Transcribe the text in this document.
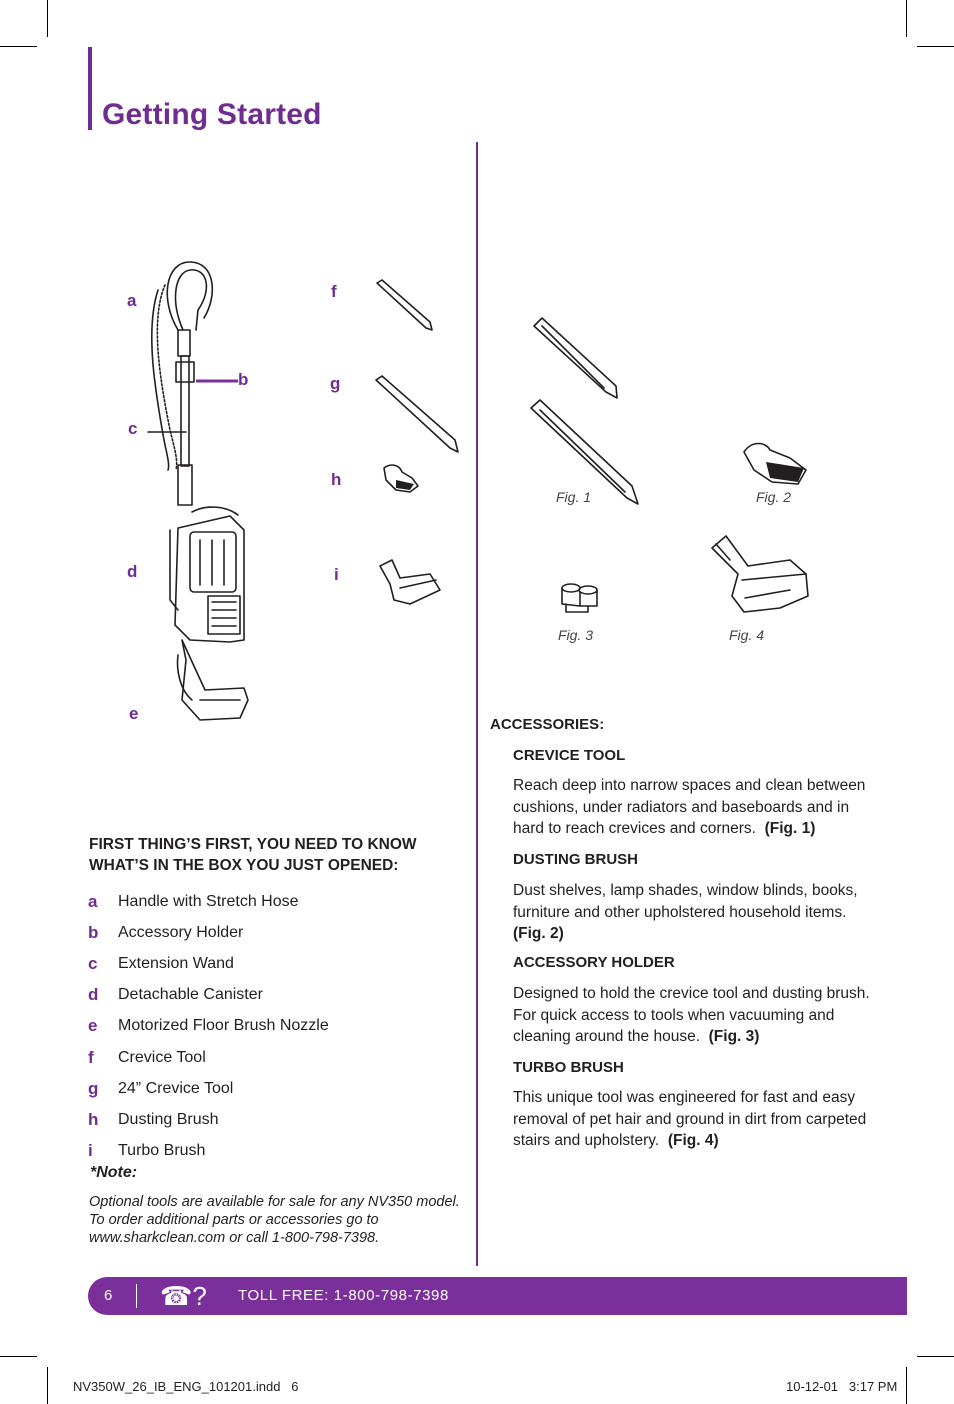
Getting Started
a
b
c
d
e
f
g
h
i
Fig. 1	Fig. 2
Fig. 3	Fig. 4
FIRST THING’S FIRST, YOU NEED TO KNOW
WHAT’S IN THE BOX YOU JUST OPENED:
a	Handle with Stretch Hose
b	Accessory Holder
c	Extension Wand
d	Detachable Canister
e	Motorized Floor Brush Nozzle
f	Crevice Tool
g	24” Crevice Tool
h	Dusting Brush
i	Turbo Brush
*Note:
Optional tools are available for sale for any NV350 model. To order additional parts or accessories go to www.sharkclean.com or call 1-800-798-7398.
ACCESSORIES:
CREVICE TOOL
Reach deep into narrow spaces and clean between cushions, under radiators and baseboards and in hard to reach crevices and corners. (Fig. 1)
DUSTING BRUSH
Dust shelves, lamp shades, window blinds, books, furniture and other upholstered household items.
(Fig. 2)
ACCESSORY HOLDER
Designed to hold the crevice tool and dusting brush. For quick access to tools when vacuuming and cleaning around the house. (Fig. 3)
TURBO BRUSH
This unique tool was engineered for fast and easy removal of pet hair and ground in dirt from carpeted stairs and upholstery. (Fig. 4)
6 ☎? TOLL FREE: 1-800-798-7398
NV350W_26_IB_ENG_101201.indd   6	10-12-01   3:17 PM
